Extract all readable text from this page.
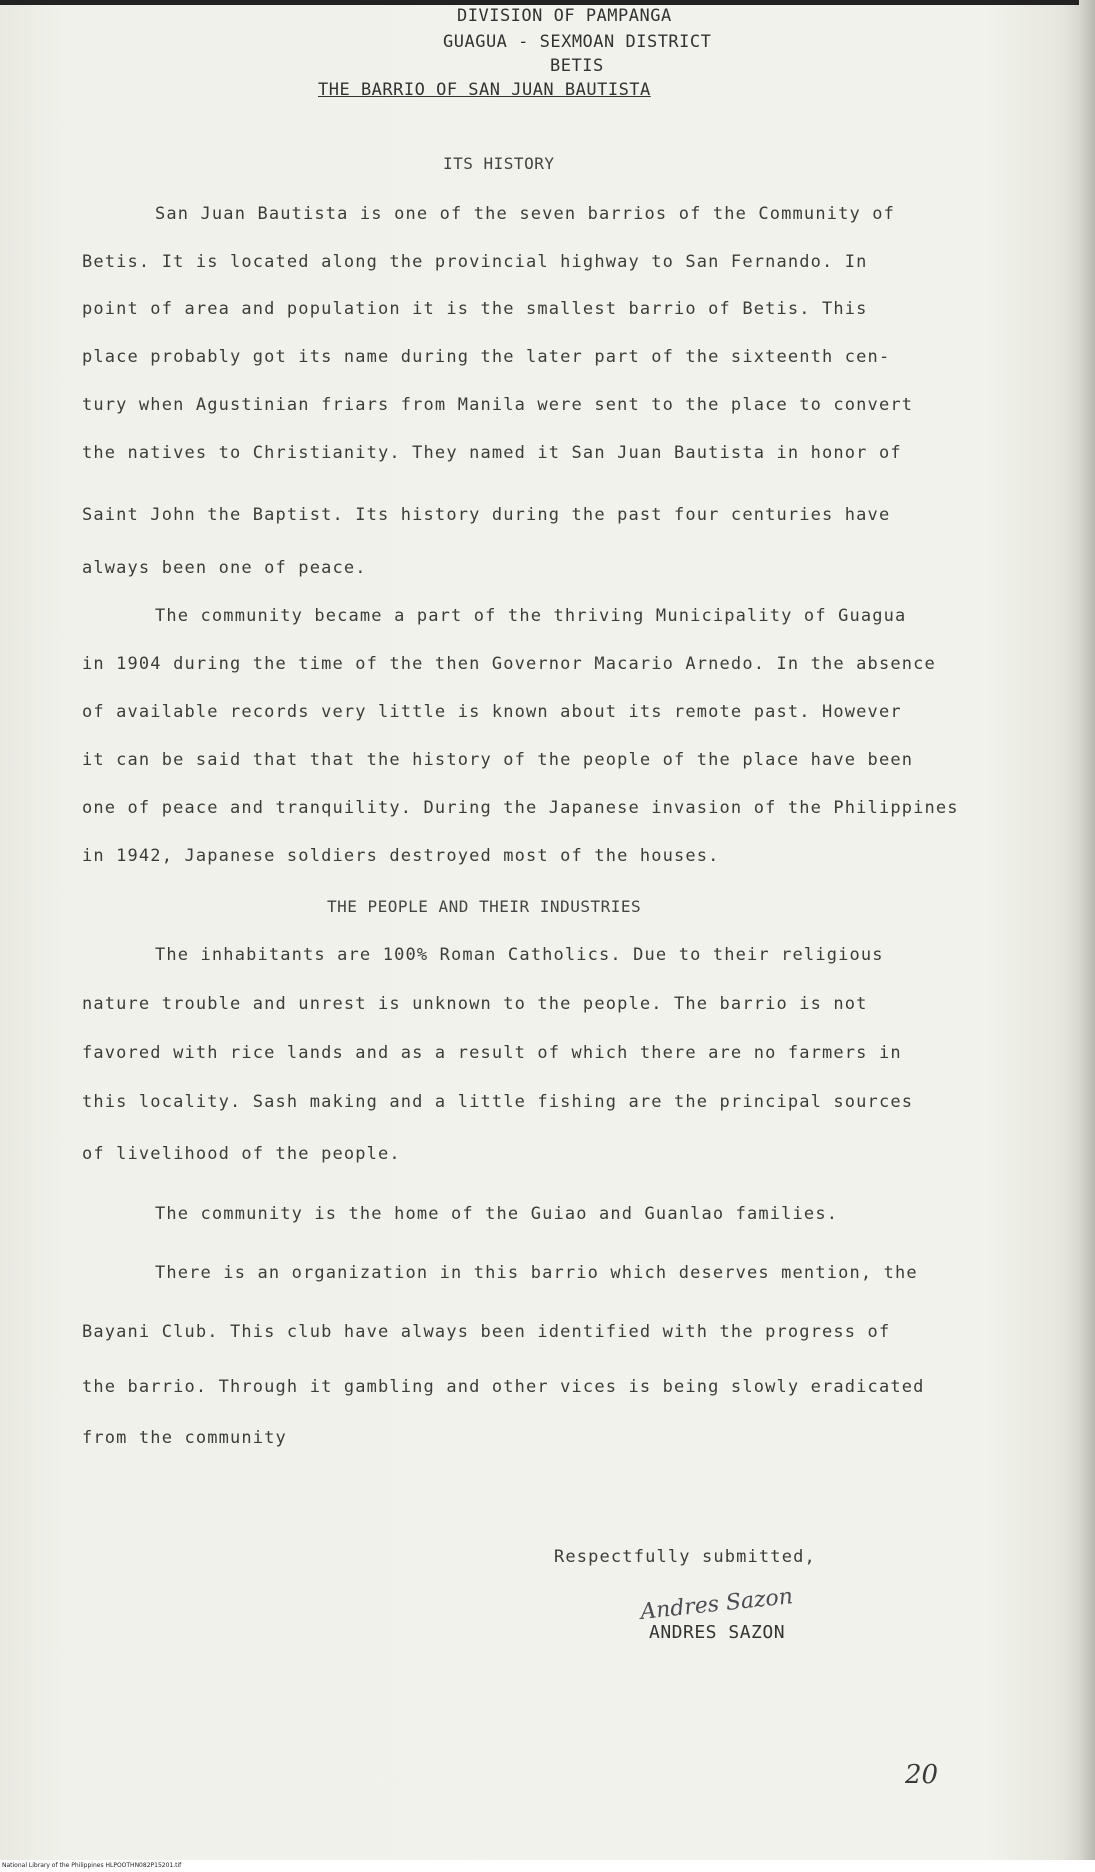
DIVISION OF PAMPANGA
GUAGUA - SEXMOAN DISTRICT
BETIS
THE BARRIO OF SAN JUAN BAUTISTA
ITS HISTORY
San Juan Bautista is one of the seven barrios of the Community of
Betis. It is located along the provincial highway to San Fernando. In
point of area and population it is the smallest barrio of Betis. This
place probably got its name during the later part of the sixteenth cen-
tury when Agustinian friars from Manila were sent to the place to convert
the natives to Christianity. They named it San Juan Bautista in honor of
Saint John the Baptist. Its history during the past four centuries have
always been one of peace.
The community became a part of the thriving Municipality of Guagua
in 1904 during the time of the then Governor Macario Arnedo. In the absence
of available records very little is known about its remote past. However
it can be said that that the history of the people of the place have been
one of peace and tranquility. During the Japanese invasion of the Philippines
in 1942, Japanese soldiers destroyed most of the houses.
THE PEOPLE AND THEIR INDUSTRIES
The inhabitants are 100% Roman Catholics. Due to their religious
nature trouble and unrest is unknown to the people. The barrio is not
favored with rice lands and as a result of which there are no farmers in
this locality. Sash making and a little fishing are the principal sources
of livelihood of the people.
The community is the home of the Guiao and Guanlao families.
There is an organization in this barrio which deserves mention, the
Bayani Club. This club have always been identified with the progress of
the barrio. Through it gambling and other vices is being slowly eradicated
from the community
Respectfully submitted,
Andres Sazon
ANDRES SAZON
20
National Library of the Philippines HLPOOTHN082P15201.tif
